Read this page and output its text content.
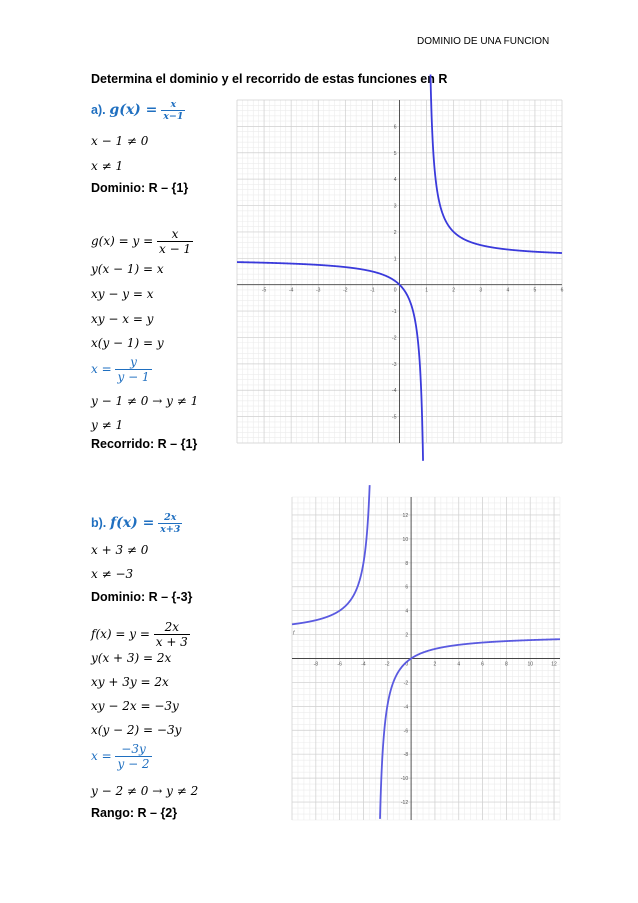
DOMINIO DE UNA FUNCION
Determina el dominio y el recorrido de estas funciones en R
a). $g(x) = \frac{x}{x-1}$
x − 1 ≠ 0
x ≠ 1
Dominio: R – {1}
$g(x) = y = \frac{x}{x - 1}$
y(x − 1) = x
xy − y = x
xy − x = y
x(y − 1) = y
$x = \frac{y}{y - 1}$
y − 1 ≠ 0 → y ≠ 1
y ≠ 1
Recorrido: R – {1}
b). $f(x) = \frac{2x}{x+3}$
x + 3 ≠ 0
x ≠ −3
Dominio: R – {-3}
$f(x) = y = \frac{2x}{x + 3}$
y(x + 3) = 2x
xy + 3y = 2x
xy − 2x = −3y
x(y − 2) = −3y
$x = \frac{-3y}{y - 2}$
y − 2 ≠ 0 → y ≠ 2
Rango: R – {2}
-5	-4	-3	-2	-1	1	2	3	4	5	6
6
5
4
3
2
1
-1
-2
-3
-4
-5
0
-8	-6	-4	-2	2	4	6	8	10	12
12
10
8
6
4
2
-2
-4
-6
-8
-10
-12
0
f
